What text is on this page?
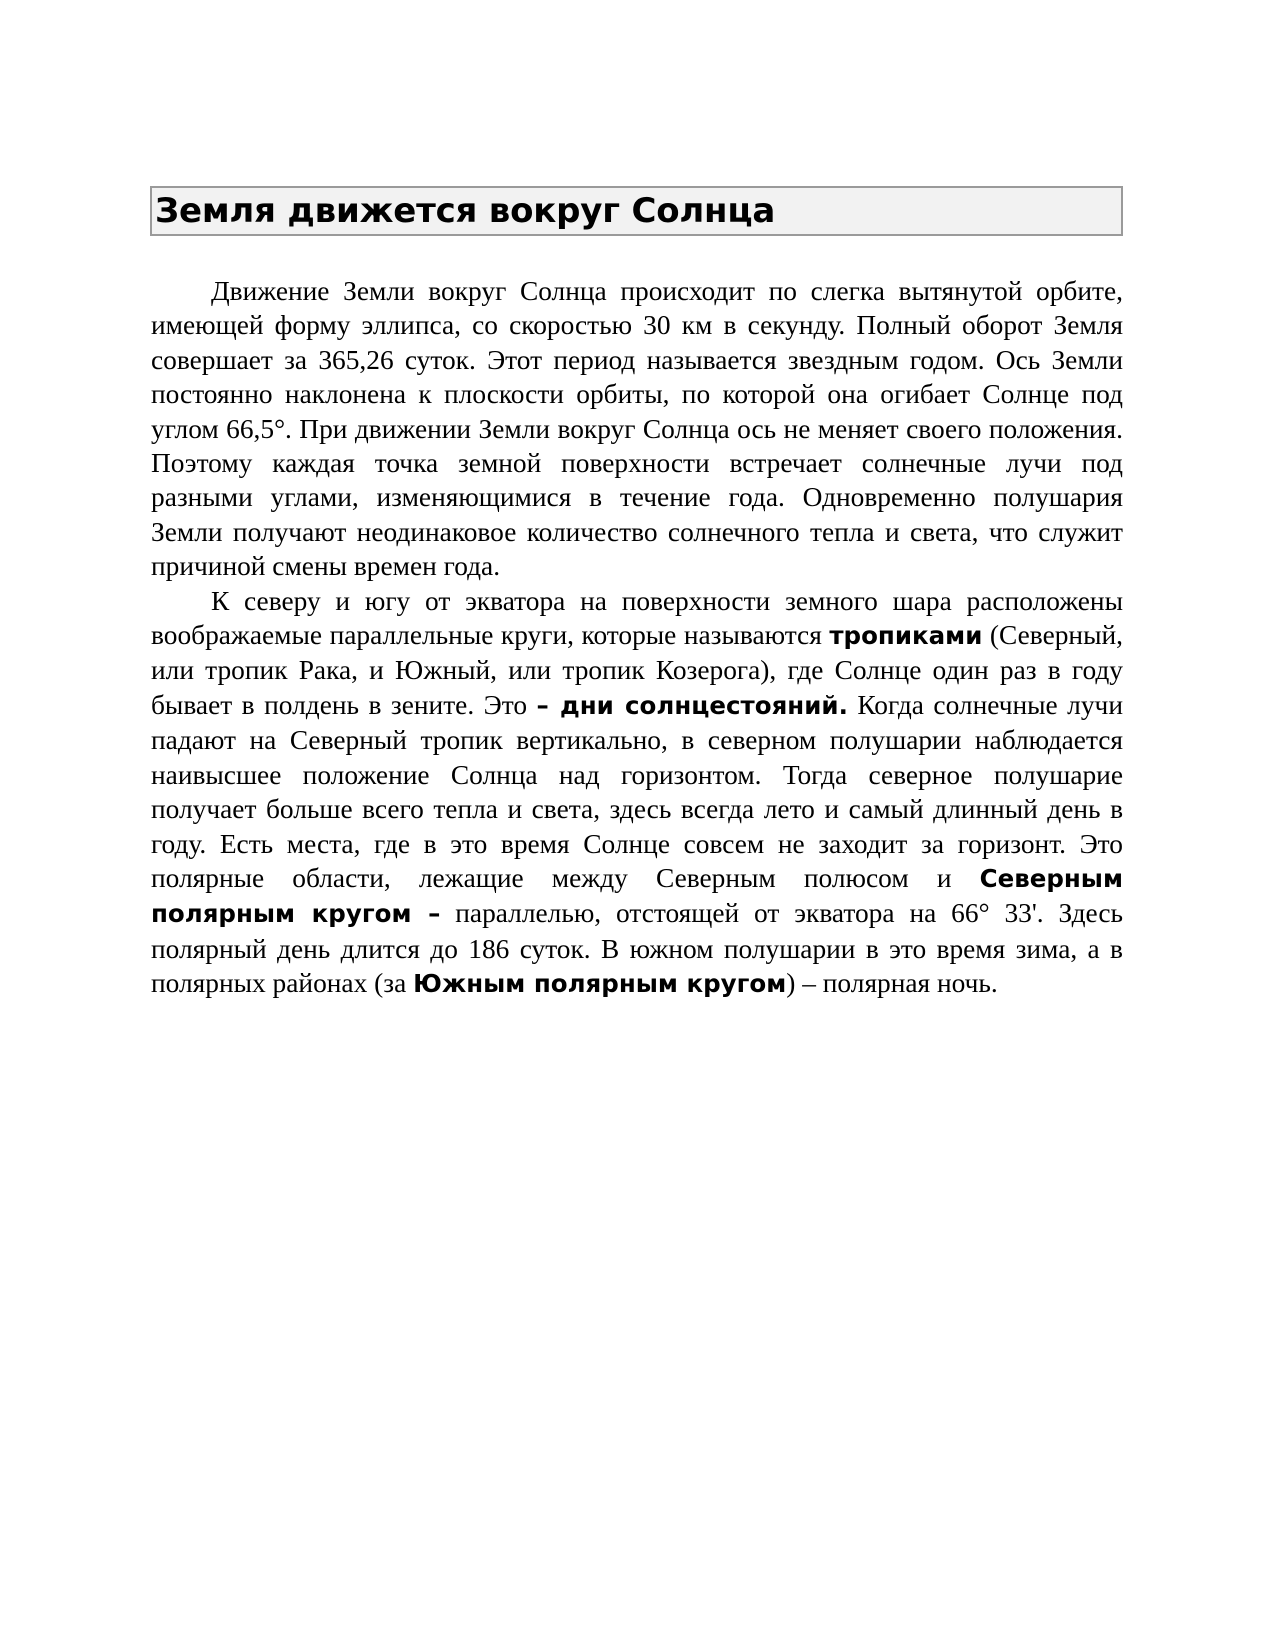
Земля движется вокруг Солнца

Движение Земли вокруг Солнца происходит по слегка вытянутой орбите, имеющей форму эллипса, со скоростью 30 км в секунду. Полный оборот Земля совершает за 365,26 суток. Этот период называется звездным годом. Ось Земли постоянно наклонена к плоскости орбиты, по которой она огибает Солнце под углом 66,5°. При движении Земли вокруг Солнца ось не меняет своего положения. Поэтому каждая точка земной поверхности встречает солнечные лучи под разными углами, изменяющимися в течение года. Одновременно полушария Земли получают неодинаковое количество солнечного тепла и света, что служит причиной смены времен года.

К северу и югу от экватора на поверхности земного шара расположены воображаемые параллельные круги, которые называются тропиками (Северный, или тропик Рака, и Южный, или тропик Козерога), где Солнце один раз в году бывает в полдень в зените. Это – дни солнцестояний. Когда солнечные лучи падают на Северный тропик вертикально, в северном полушарии наблюдается наивысшее положение Солнца над горизонтом. Тогда северное полушарие получает больше всего тепла и света, здесь всегда лето и самый длинный день в году. Есть места, где в это время Солнце совсем не заходит за горизонт. Это полярные области, лежащие между Северным полюсом и Северным полярным кругом – параллелью, отстоящей от экватора на 66° 33'. Здесь полярный день длится до 186 суток. В южном полушарии в это время зима, а в полярных районах (за Южным полярным кругом) – полярная ночь.
